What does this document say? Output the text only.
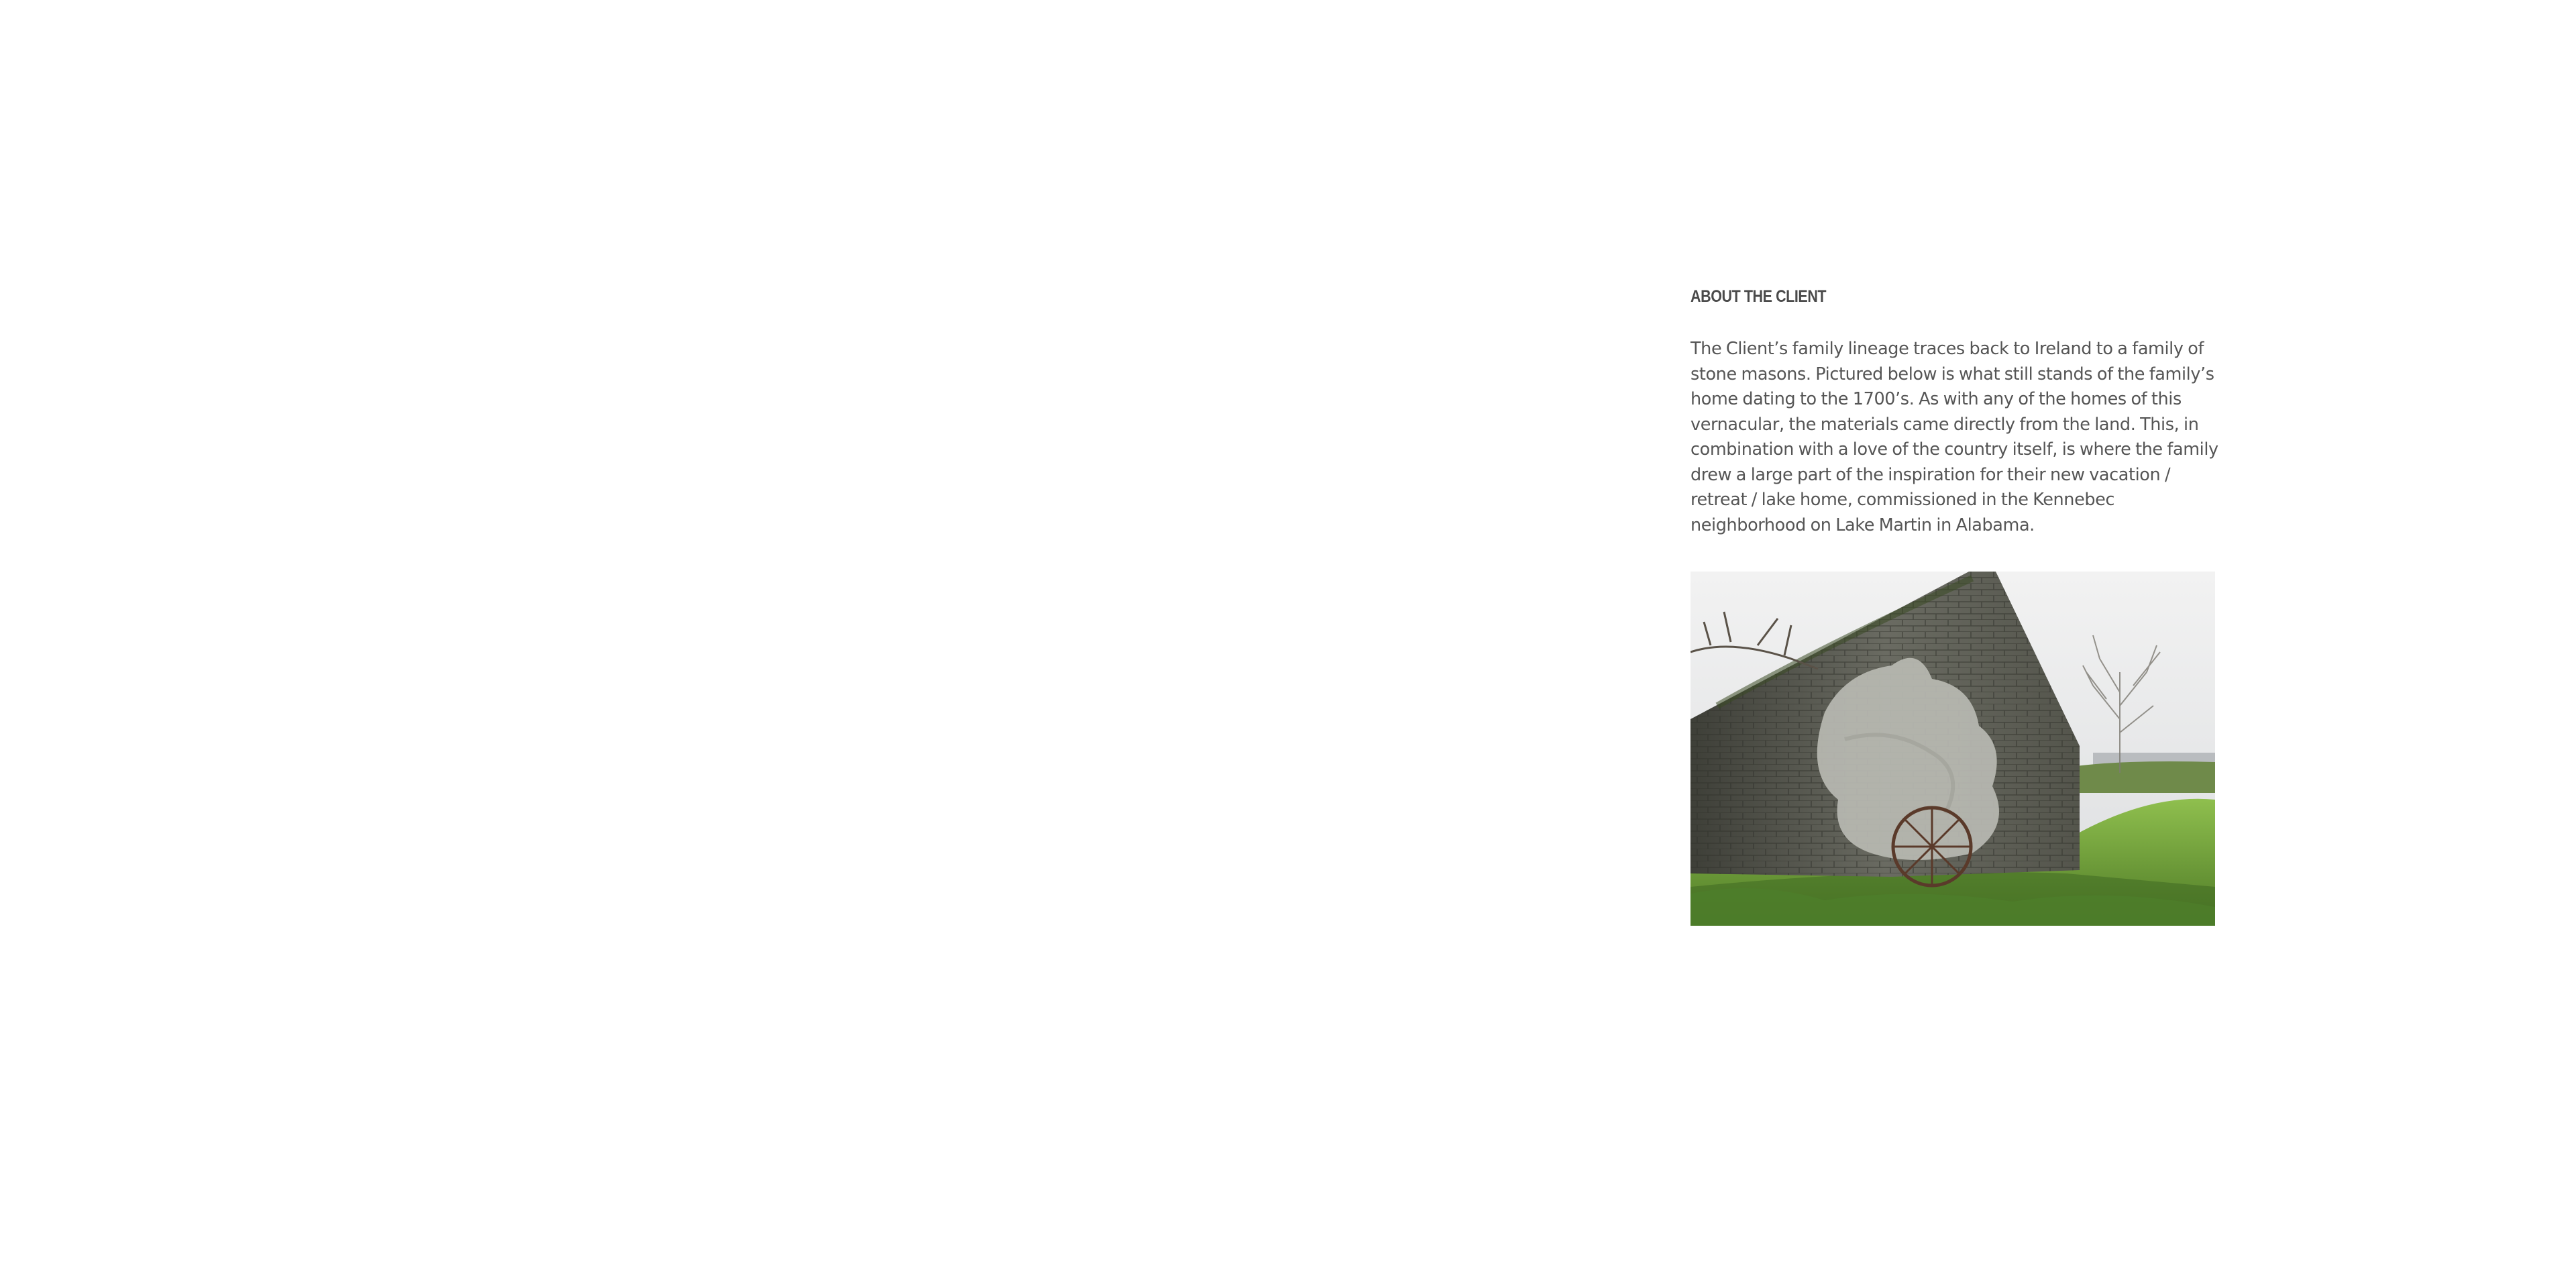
ABOUT THE CLIENT

The Client’s family lineage traces back to Ireland to a family of stone masons. Pictured below is what still stands of the family’s home dating to the 1700’s. As with any of the homes of this vernacular, the materials came directly from the land. This, in combination with a love of the country itself, is where the family drew a large part of the inspiration for their new vacation / retreat / lake home, commissioned in the Kennebec neighborhood on Lake Martin in Alabama.
